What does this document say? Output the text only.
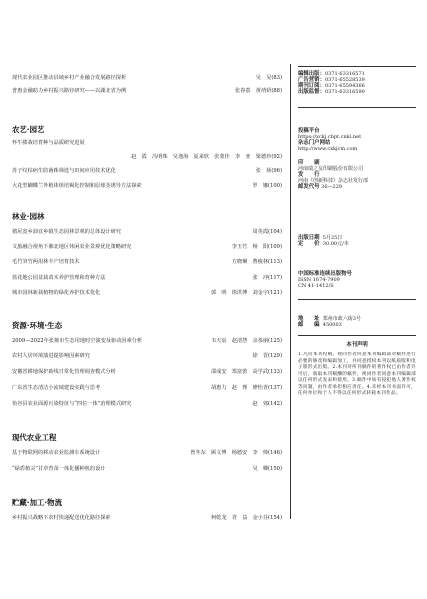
现代农业园区推动县域乡村产业融合发展路径探析	吴　昊(83)
普惠金融助力乡村振兴路径研究——以湖北省为例	张春荔　黄靖妍(88)
农艺·园艺
怀牛膝栽培育种与品质研究进展
赵　霞　冯明珠　吴逸海　夏来欣　张蒙佳　李　亚　梁德珍(92)
苏子纹枯病生防菌株筛选与田间应用技术优化	张　扬(96)
大花型蝴蝶兰外植体组培褐化控制和原球茎诱导方法探索	罗　娜(100)
林业·园林
猪尻宽乡油宜乡镇生态园林景观的总体设计研究	周英霞(104)
文旅融合视角下湘北地区休闲农业景观优化策略研究	李玉竹　杨　阳(109)
毛竹笋竹两用林丰产培育技术	方晓琳　曹俊林(113)
蓝花地公园盆栽苗木养护管理和育种方法	张　冲(117)
城市园林新栽植物的绿化养护技术优化	郭　明　徐洪博　刘金宇(121)
资源·环境·生态
2009—2022年张掖市生态用地时空演变及驱动因素分析	韦天宸　赵清慧　余茶丽(125)
农村人居环境演进提影响因素研究	徐　晋(129)
安徽省耕地保护助线日常化管理调查模式分析	邵成安　郑富蕾　高学武(133)
广东省生态清洁小流域建设实践与思考	胡惠力　赵　理　廖怡青(137)
鱼谷县农业面源污染特征与“四位一体”治理模式研究	赵　郊(142)
现代农业工程
基于物联网的移动农业监测车系统设计	曾冬东　顾文博　杨德安　李　帅(146)
“绿盾植灵”甘草育苗一体化播种机的设计	吴　卿(150)
贮藏·加工·物流
乡村振兴战略下农村快递配送优化路径探索	柯乾龙　胥　益　金小芬(154)
编辑出版：0371-63316571
广告营销：0371-65528539
期刊订阅：0371-65594366
出版监督：0371-63316590
投稿平台
https://xckj.cbpt.cnki.net
杂志门户网站
http://www.cxkjcm.com
印　　刷
河南瑞之友印刷股份有限公司
发　　行
河南《创新科技》杂志社发行部
邮发代号 36—229
出版日期 5月25日
定　　价 30.00元/本
中国标准连续出版物号
ISSN 1674-7909
CN 41-1412/S
地　　址 郑州市政六街3号
邮　　编 450003
本刊声明
1.凡向本刊投稿，视同作者同意本刊编辑部对稿件进行必要的修改和编辑加工，并同意授权本刊以纸质版和电子版形式出版。2.本刊对所刊稿件的著作权已由作者许可后，收取本刊稿酬的稿件，视同作者同意本刊编辑部以任何形式发表和使用。3.稿件中如有侵犯他人著作权等问题，由作者承担相应责任。4.未经本刊书面许可，任何单位和个人不得以任何形式转载本刊作品。
